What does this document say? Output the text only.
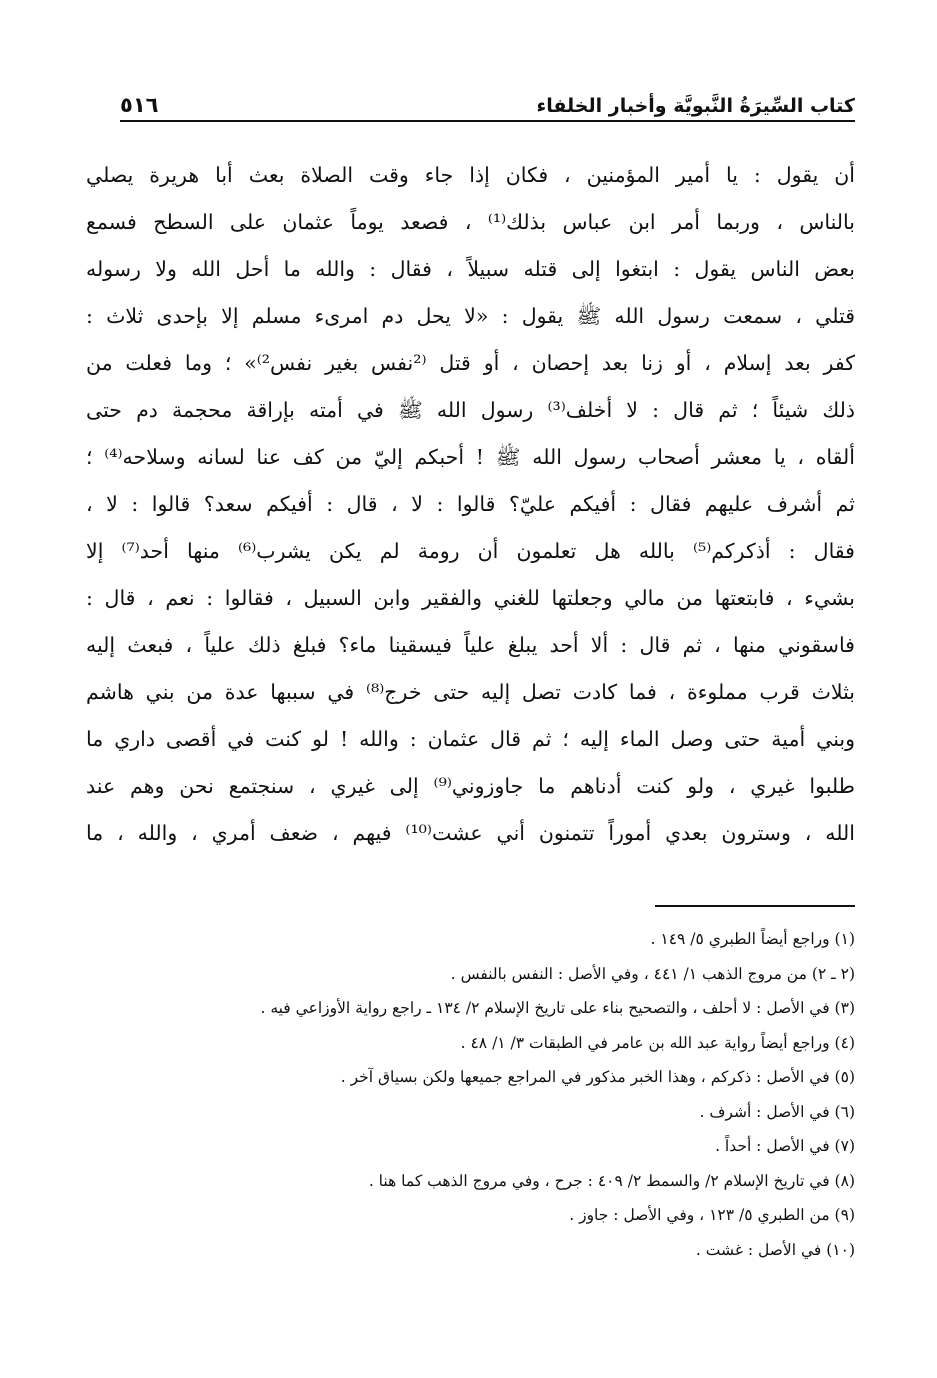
كتاب السِّيرَةُ النَّبويَّة وأخبار الخلفاء
٥١٦
أن يقول : يا أمير المؤمنين ، فكان إذا جاء وقت الصلاة بعث أبا هريرة يصلي
بالناس ، وربما أمر ابن عباس بذلك⁽¹⁾ ، فصعد يوماً عثمان على السطح فسمع
بعض الناس يقول : ابتغوا إلى قتله سبيلاً ، فقال : والله ما أحل الله ولا رسوله
قتلي ، سمعت رسول الله ﷺ يقول : «لا يحل دم امرىء مسلم إلا بإحدى ثلاث :
كفر بعد إسلام ، أو زنا بعد إحصان ، أو قتل ⁽²نفس بغير نفس²⁾» ؛ وما فعلت من
ذلك شيئاً ؛ ثم قال : لا أخلف⁽³⁾ رسول الله ﷺ في أمته بإراقة محجمة دم حتى
ألقاه ، يا معشر أصحاب رسول الله ﷺ ! أحبكم إليّ من كف عنا لسانه وسلاحه⁽⁴⁾ ؛
ثم أشرف عليهم فقال : أفيكم عليّ؟ قالوا : لا ، قال : أفيكم سعد؟ قالوا : لا ،
فقال : أذكركم⁽⁵⁾ بالله هل تعلمون أن رومة لم يكن يشرب⁽⁶⁾ منها أحد⁽⁷⁾ إلا
بشيء ، فابتعتها من مالي وجعلتها للغني والفقير وابن السبيل ، فقالوا : نعم ، قال :
فاسقوني منها ، ثم قال : ألا أحد يبلغ علياً فيسقينا ماء؟ فبلغ ذلك علياً ، فبعث إليه
بثلاث قرب مملوءة ، فما كادت تصل إليه حتى خرج⁽⁸⁾ في سببها عدة من بني هاشم
وبني أمية حتى وصل الماء إليه ؛ ثم قال عثمان : والله ! لو كنت في أقصى داري ما
طلبوا غيري ، ولو كنت أدناهم ما جاوزوني⁽⁹⁾ إلى غيري ، سنجتمع نحن وهم عند
الله ، وسترون بعدي أموراً تتمنون أني عشت⁽¹⁰⁾ فيهم ، ضعف أمري ، والله ، ما
(١) وراجع أيضاً الطبري ٥/ ١٤٩ .
(٢ ـ ٢) من مروج الذهب ١/ ٤٤١ ، وفي الأصل : النفس بالنفس .
(٣) في الأصل : لا أحلف ، والتصحيح بناء على تاريخ الإسلام ٢/ ١٣٤ ـ راجع رواية الأوزاعي فيه .
(٤) وراجع أيضاً رواية عبد الله بن عامر في الطبقات ٣/ ١/ ٤٨ .
(٥) في الأصل : ذكركم ، وهذا الخبر مذكور في المراجع جميعها ولكن بسياق آخر .
(٦) في الأصل : أشرف .
(٧) في الأصل : أحداً .
(٨) في تاريخ الإسلام ٢/ والسمط ٢/ ٤٠٩ : جرح ، وفي مروج الذهب كما هنا .
(٩) من الطبري ٥/ ١٢٣ ، وفي الأصل : جاوز .
(١٠) في الأصل : غشت .
